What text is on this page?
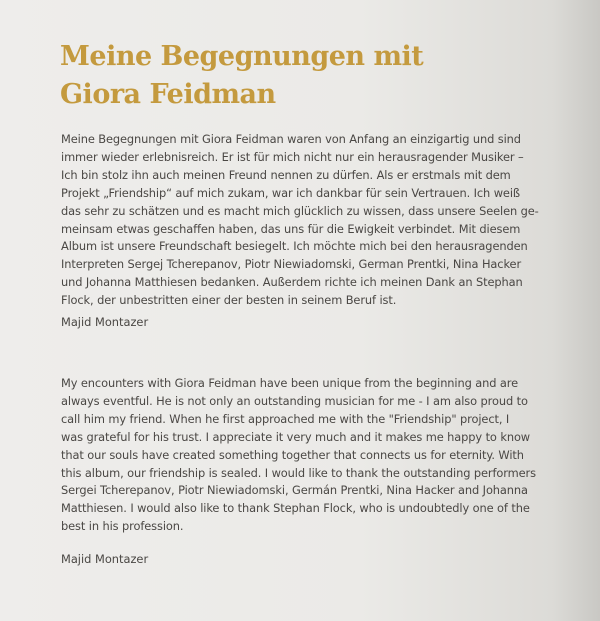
Meine Begegnungen mit
Giora Feidman

Meine Begegnungen mit Giora Feidman waren von Anfang an einzigartig und sind
immer wieder erlebnisreich. Er ist für mich nicht nur ein herausragender Musiker –
Ich bin stolz ihn auch meinen Freund nennen zu dürfen. Als er erstmals mit dem
Projekt „Friendship“ auf mich zukam, war ich dankbar für sein Vertrauen. Ich weiß
das sehr zu schätzen und es macht mich glücklich zu wissen, dass unsere Seelen ge-
meinsam etwas geschaffen haben, das uns für die Ewigkeit verbindet. Mit diesem
Album ist unsere Freundschaft besiegelt. Ich möchte mich bei den herausragenden
Interpreten Sergej Tcherepanov, Piotr Niewiadomski, German Prentki, Nina Hacker
und Johanna Matthiesen bedanken. Außerdem richte ich meinen Dank an Stephan
Flock, der unbestritten einer der besten in seinem Beruf ist.

Majid Montazer

My encounters with Giora Feidman have been unique from the beginning and are
always eventful. He is not only an outstanding musician for me - I am also proud to
call him my friend. When he first approached me with the "Friendship" project, I
was grateful for his trust. I appreciate it very much and it makes me happy to know
that our souls have created something together that connects us for eternity. With
this album, our friendship is sealed. I would like to thank the outstanding performers
Sergei Tcherepanov, Piotr Niewiadomski, Germán Prentki, Nina Hacker and Johanna
Matthiesen. I would also like to thank Stephan Flock, who is undoubtedly one of the
best in his profession.

Majid Montazer
